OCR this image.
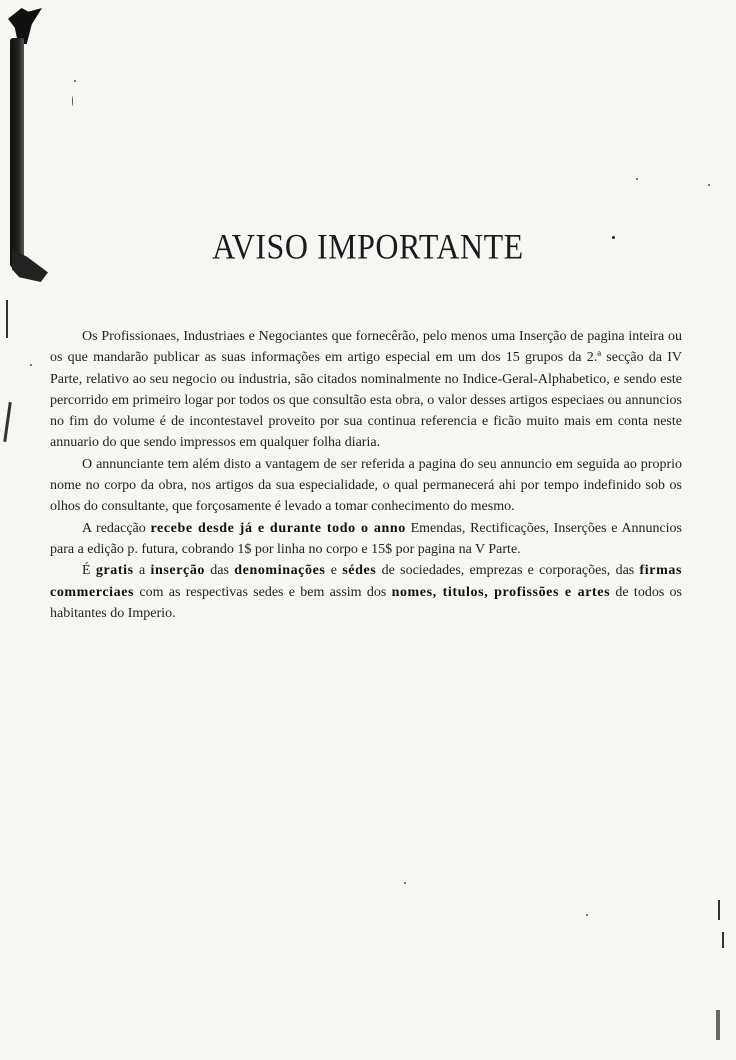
AVISO IMPORTANTE

Os Profissionaes, Industriaes e Negociantes que fornecêrão, pelo menos uma Inserção de pagina inteira ou os que mandarão publicar as suas informações em artigo especial em um dos 15 grupos da 2.ª secção da IV Parte, relativo ao seu negocio ou industria, são citados nominalmente no Indice-Geral-Alphabetico, e sendo este percorrido em primeiro logar por todos os que consultão esta obra, o valor desses artigos especiaes ou annuncios no fim do volume é de incontestavel proveito por sua continua referencia e ficão muito mais em conta neste annuario do que sendo impressos em qualquer folha diaria.

O annunciante tem além disto a vantagem de ser referida a pagina do seu annuncio em seguida ao proprio nome no corpo da obra, nos artigos da sua especialidade, o qual permanecerá ahi por tempo indefinido sob os olhos do consultante, que forçosamente é levado a tomar conhecimento do mesmo.

A redacção recebe desde já e durante todo o anno Emendas, Rectificações, Inserções e Annuncios para a edição p. futura, cobrando 1$ por linha no corpo e 15$ por pagina na V Parte.

É gratis a inserção das denominações e sédes de sociedades, emprezas e corporações, das firmas commerciaes com as respectivas sedes e bem assim dos nomes, titulos, profissões e artes de todos os habitantes do Imperio.
